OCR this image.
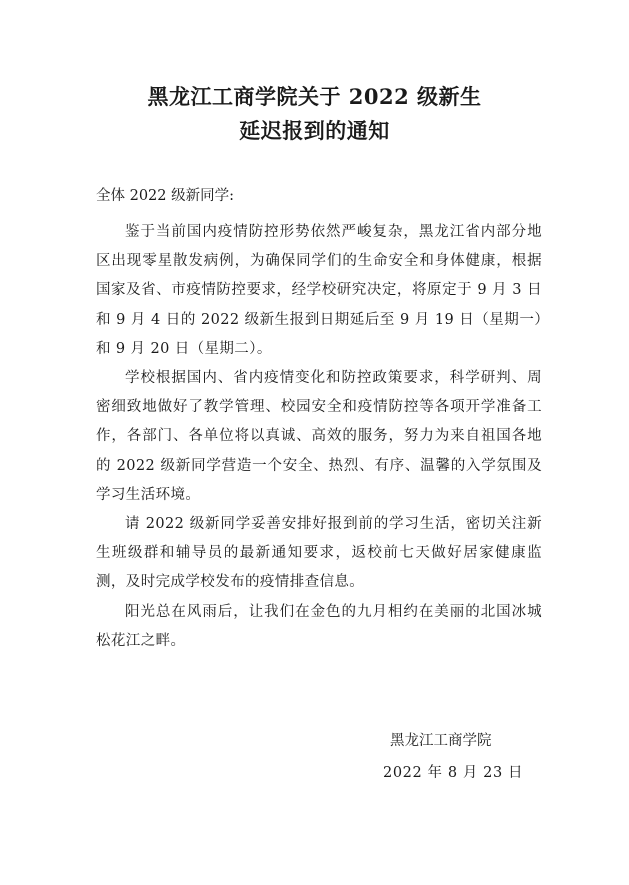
黑龙江工商学院关于 2022 级新生
延迟报到的通知
全体 2022 级新同学:

鉴于当前国内疫情防控形势依然严峻复杂，黑龙江省内部分地区出现零星散发病例，为确保同学们的生命安全和身体健康，根据国家及省、市疫情防控要求，经学校研究决定，将原定于 9 月 3 日和 9 月 4 日的 2022 级新生报到日期延后至 9 月 19 日（星期一）和 9 月 20 日（星期二）。

学校根据国内、省内疫情变化和防控政策要求，科学研判、周密细致地做好了教学管理、校园安全和疫情防控等各项开学准备工作，各部门、各单位将以真诚、高效的服务，努力为来自祖国各地的 2022 级新同学营造一个安全、热烈、有序、温馨的入学氛围及学习生活环境。

请 2022 级新同学妥善安排好报到前的学习生活，密切关注新生班级群和辅导员的最新通知要求，返校前七天做好居家健康监测，及时完成学校发布的疫情排查信息。

阳光总在风雨后，让我们在金色的九月相约在美丽的北国冰城松花江之畔。

黑龙江工商学院
2022 年 8 月 23 日
